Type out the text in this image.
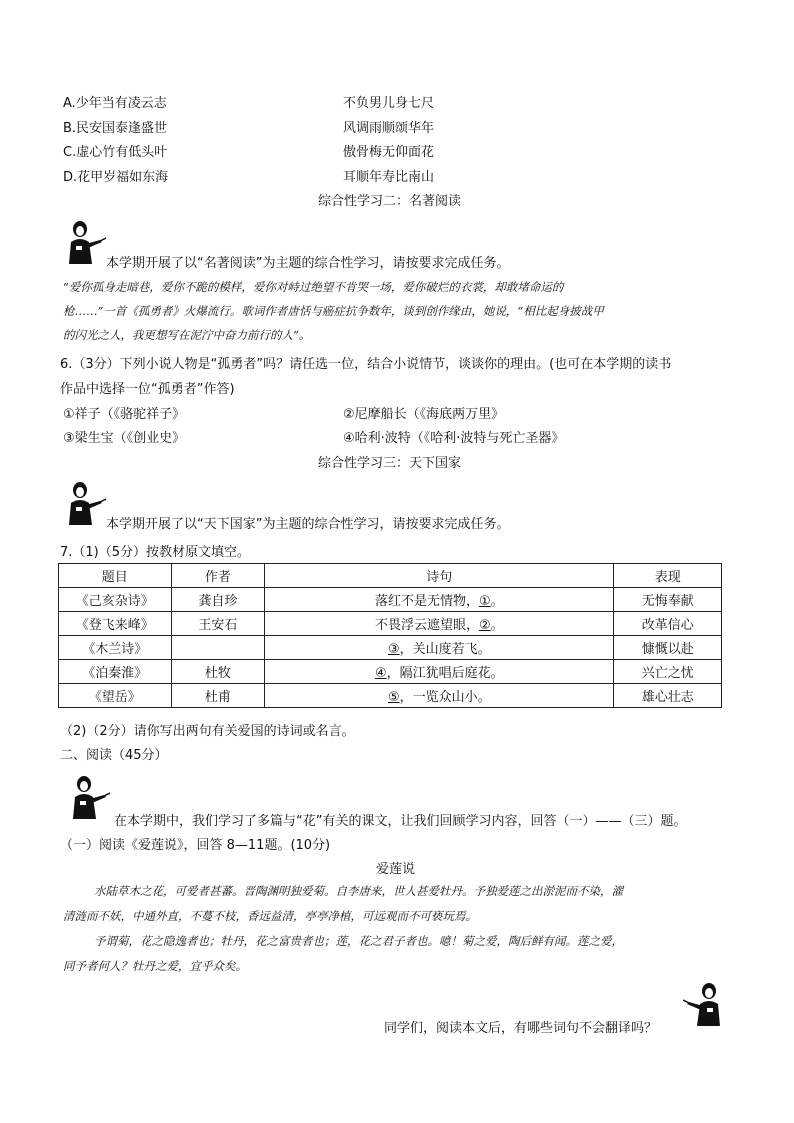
A.少年当有凌云志	不负男儿身七尺
B.民安国泰逢盛世	风调雨顺颂华年
C.虚心竹有低头叶	傲骨梅无仰面花
D.花甲岁福如东海	耳顺年寿比南山
综合性学习二：名著阅读
本学期开展了以“名著阅读”为主题的综合性学习，请按要求完成任务。
“爱你孤身走暗巷，爱你不跪的模样，爱你对峙过绝望不肯哭一场，爱你破烂的衣裳，却敢堵命运的
枪……”一首《孤勇者》火爆流行。歌词作者唐恬与癌症抗争数年，谈到创作缘由，她说，“相比起身披战甲
的闪光之人，我更想写在泥泞中奋力前行的人”。
6.（3分）下列小说人物是“孤勇者”吗？请任选一位，结合小说情节，谈谈你的理由。(也可在本学期的读书
作品中选择一位“孤勇者”作答)
①祥子（《骆驼祥子》	②尼摩船长（《海底两万里》
③梁生宝（《创业史》	④哈利·波特（《哈利·波特与死亡圣器》
综合性学习三：天下国家
本学期开展了以“天下国家”为主题的综合性学习，请按要求完成任务。
7.（1)（5分）按教材原文填空。
题目	作者	诗句	表现
《己亥杂诗》	龚自珍	落红不是无情物，①。	无悔奉献
《登飞来峰》	王安石	不畏浮云遮望眼，②。	改革信心
《木兰诗》		③，关山度若飞。	慷慨以赴
《泊秦淮》	杜牧	④，隔江犹唱后庭花。	兴亡之忧
《望岳》	杜甫	⑤，一览众山小。	雄心壮志
（2)（2分）请你写出两句有关爱国的诗词或名言。
二、阅读（45分）
在本学期中，我们学习了多篇与“花”有关的课文，让我们回顾学习内容，回答（一）——（三）题。
（一）阅读《爱莲说》，回答 8—11题。(10分)
爱莲说
水陆草木之花，可爱者甚蕃。晋陶渊明独爱菊。自李唐来，世人甚爱牡丹。予独爱莲之出淤泥而不染，濯
清涟而不妖，中通外直，不蔓不枝，香远益清，亭亭净植，可远观而不可亵玩焉。
予谓菊，花之隐逸者也；牡丹，花之富贵者也；莲，花之君子者也。噫！菊之爱，陶后鲜有闻。莲之爱，
同予者何人？牡丹之爱，宜乎众矣。
同学们，阅读本文后，有哪些词句不会翻译吗？
